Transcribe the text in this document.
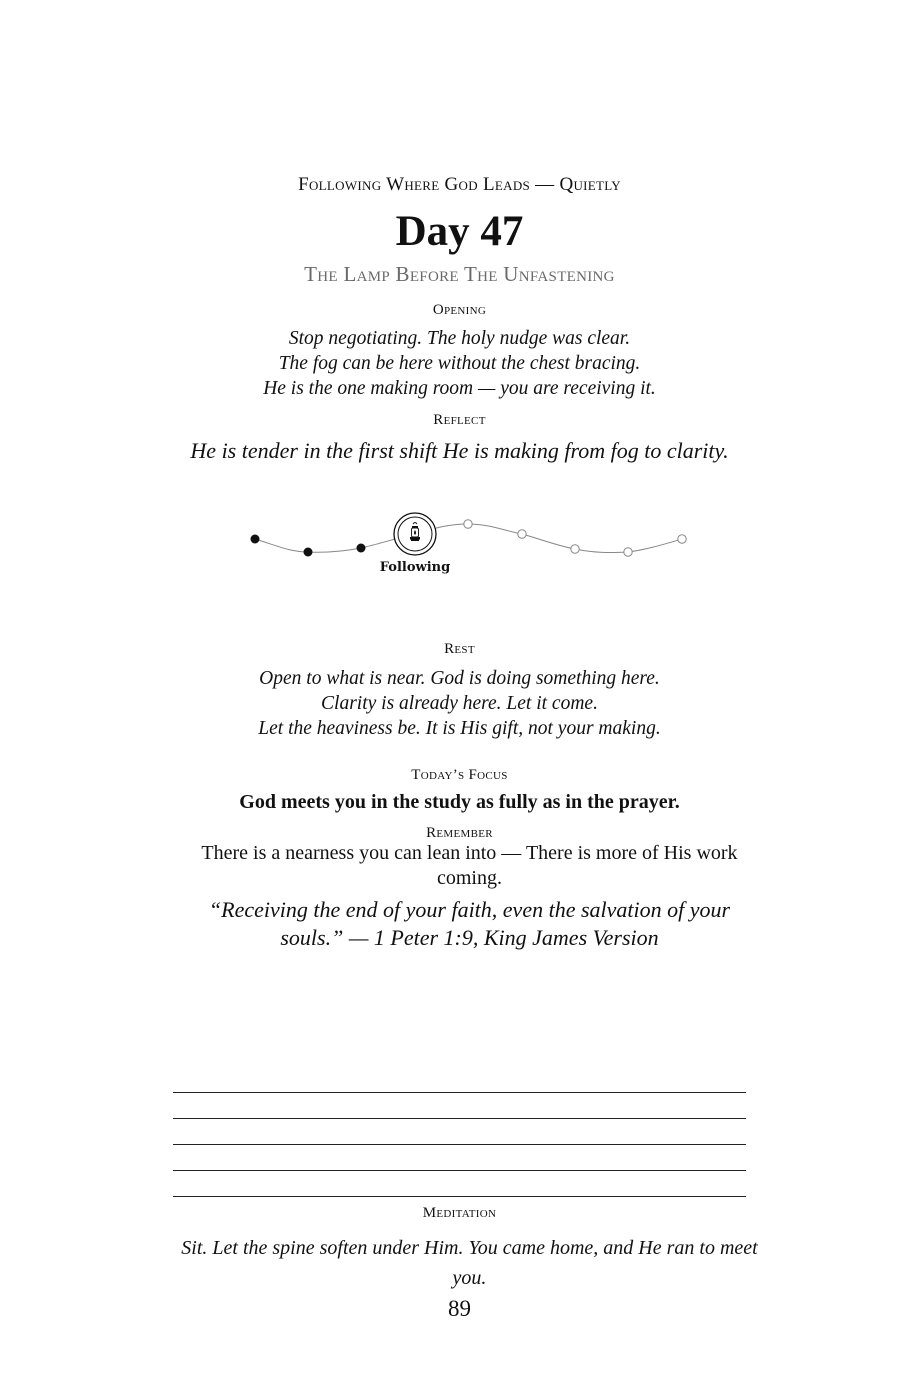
Following Where God Leads — Quietly
Day 47
The Lamp Before The Unfastening
Opening
Stop negotiating. The holy nudge was clear.
The fog can be here without the chest bracing.
He is the one making room — you are receiving it.
Reflect
He is tender in the first shift He is making from fog to clarity.
Following
Rest
Open to what is near. God is doing something here.
Clarity is already here. Let it come.
Let the heaviness be. It is His gift, not your making.
Today’s Focus
God meets you in the study as fully as in the prayer.
Remember
There is a nearness you can lean into — There is more of His work coming.
“Receiving the end of your faith, even the salvation of your souls.” — 1 Peter 1:9, King James Version
Meditation
Sit. Let the spine soften under Him. You came home, and He ran to meet you.
89
